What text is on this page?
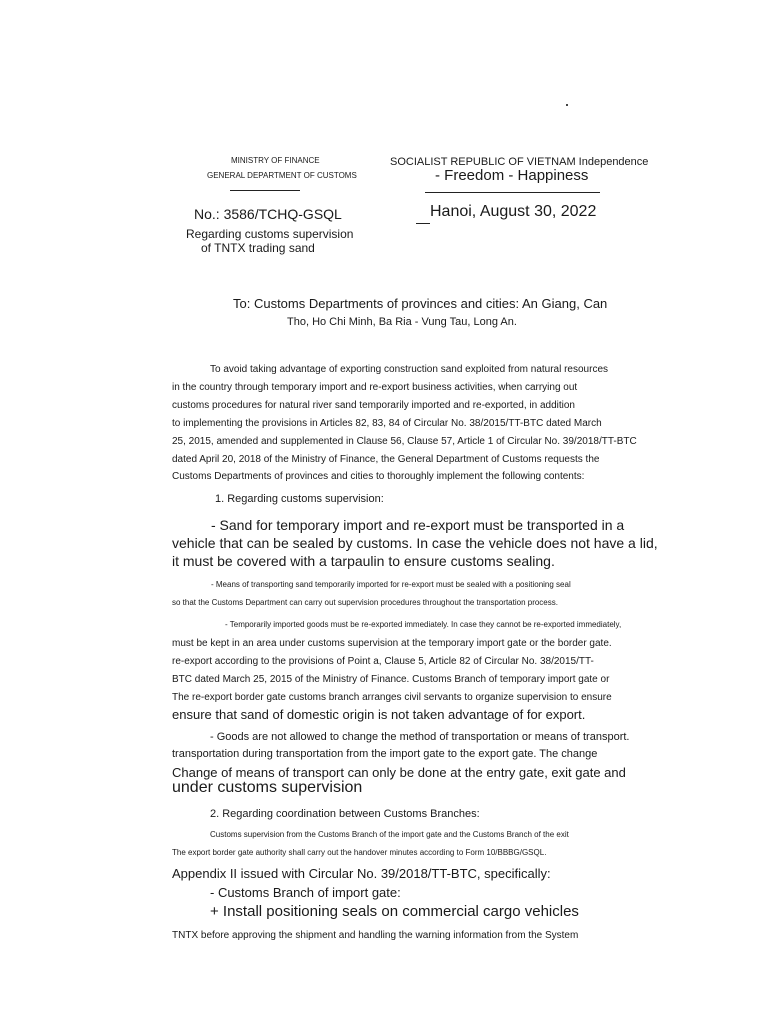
MINISTRY OF FINANCE
GENERAL DEPARTMENT OF CUSTOMS
SOCIALIST REPUBLIC OF VIETNAM Independence
- Freedom - Happiness
No.: 3586/TCHQ-GSQL	Hanoi, August 30, 2022
Regarding customs supervision
of TNTX trading sand
To: Customs Departments of provinces and cities: An Giang, Can
Tho, Ho Chi Minh, Ba Ria - Vung Tau, Long An.
To avoid taking advantage of exporting construction sand exploited from natural resources
in the country through temporary import and re-export business activities, when carrying out
customs procedures for natural river sand temporarily imported and re-exported, in addition
to implementing the provisions in Articles 82, 83, 84 of Circular No. 38/2015/TT-BTC dated March
25, 2015, amended and supplemented in Clause 56, Clause 57, Article 1 of Circular No. 39/2018/TT-BTC
dated April 20, 2018 of the Ministry of Finance, the General Department of Customs requests the
Customs Departments of provinces and cities to thoroughly implement the following contents:
1. Regarding customs supervision:
- Sand for temporary import and re-export must be transported in a
vehicle that can be sealed by customs. In case the vehicle does not have a lid,
it must be covered with a tarpaulin to ensure customs sealing.
- Means of transporting sand temporarily imported for re-export must be sealed with a positioning seal
so that the Customs Department can carry out supervision procedures throughout the transportation process.
- Temporarily imported goods must be re-exported immediately. In case they cannot be re-exported immediately,
must be kept in an area under customs supervision at the temporary import gate or the border gate.
re-export according to the provisions of Point a, Clause 5, Article 82 of Circular No. 38/2015/TT-
BTC dated March 25, 2015 of the Ministry of Finance. Customs Branch of temporary import gate or
The re-export border gate customs branch arranges civil servants to organize supervision to ensure
ensure that sand of domestic origin is not taken advantage of for export.
- Goods are not allowed to change the method of transportation or means of transport.
transportation during transportation from the import gate to the export gate. The change
Change of means of transport can only be done at the entry gate, exit gate and
under customs supervision
2. Regarding coordination between Customs Branches:
Customs supervision from the Customs Branch of the import gate and the Customs Branch of the exit
The export border gate authority shall carry out the handover minutes according to Form 10/BBBG/GSQL.
Appendix II issued with Circular No. 39/2018/TT-BTC, specifically:
- Customs Branch of import gate:
+ Install positioning seals on commercial cargo vehicles
TNTX before approving the shipment and handling the warning information from the System
